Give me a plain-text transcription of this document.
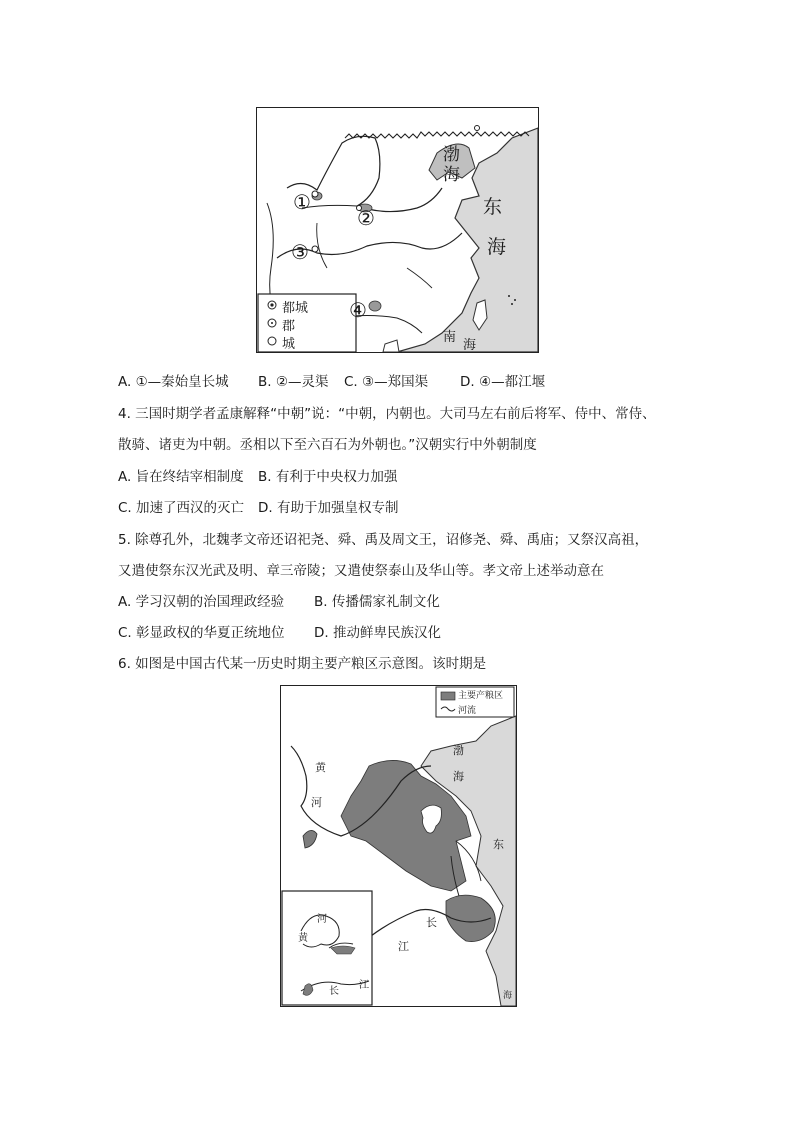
渤
海
东
海
南
海
①
②
③
④
都城
郡
城
A. ①—秦始皇长城 B. ②—灵渠 C. ③—郑国渠 D. ④—都江堰
4. 三国时期学者孟康解释“中朝”说：“中朝，内朝也。大司马左右前后将军、侍中、常侍、
散骑、诸吏为中朝。丞相以下至六百石为外朝也。”汉朝实行中外朝制度
A. 旨在终结宰相制度 B. 有利于中央权力加强
C. 加速了西汉的灭亡 D. 有助于加强皇权专制
5. 除尊孔外，北魏孝文帝还诏祀尧、舜、禹及周文王，诏修尧、舜、禹庙；又祭汉高祖，
又遣使祭东汉光武及明、章三帝陵；又遣使祭泰山及华山等。孝文帝上述举动意在
A. 学习汉朝的治国理政经验 B. 传播儒家礼制文化
C. 彰显政权的华夏正统地位 D. 推动鲜卑民族汉化
6. 如图是中国古代某一历史时期主要产粮区示意图。该时期是
主要产粮区
河流
黄
河
渤
海
东
长
江
海
河
黄
长
江
